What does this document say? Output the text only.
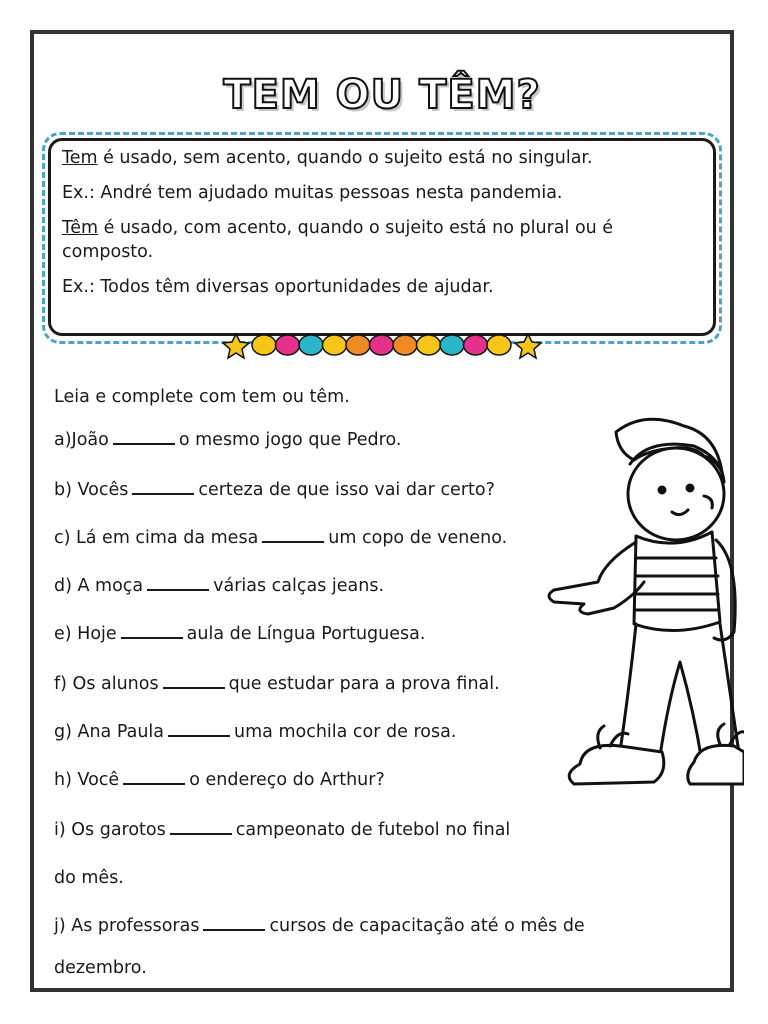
TEM OU TÊM?

Tem é usado, sem acento, quando o sujeito está no singular.

Ex.: André tem ajudado muitas pessoas nesta pandemia.

Têm é usado, com acento, quando o sujeito está no plural ou é composto.

Ex.: Todos têm diversas oportunidades de ajudar.

Leia e complete com tem ou têm.
a)João	o mesmo jogo que Pedro.
b) Vocês	certeza de que isso vai dar certo?
c) Lá em cima da mesa	um copo de veneno.
d) A moça	várias calças jeans.
e) Hoje	aula de Língua Portuguesa.
f) Os alunos	que estudar para a prova final.
g) Ana Paula	uma mochila cor de rosa.
h) Você	o endereço do Arthur?
i) Os garotos	campeonato de futebol no final
do mês.
j) As professoras	cursos de capacitação até o mês de
dezembro.
